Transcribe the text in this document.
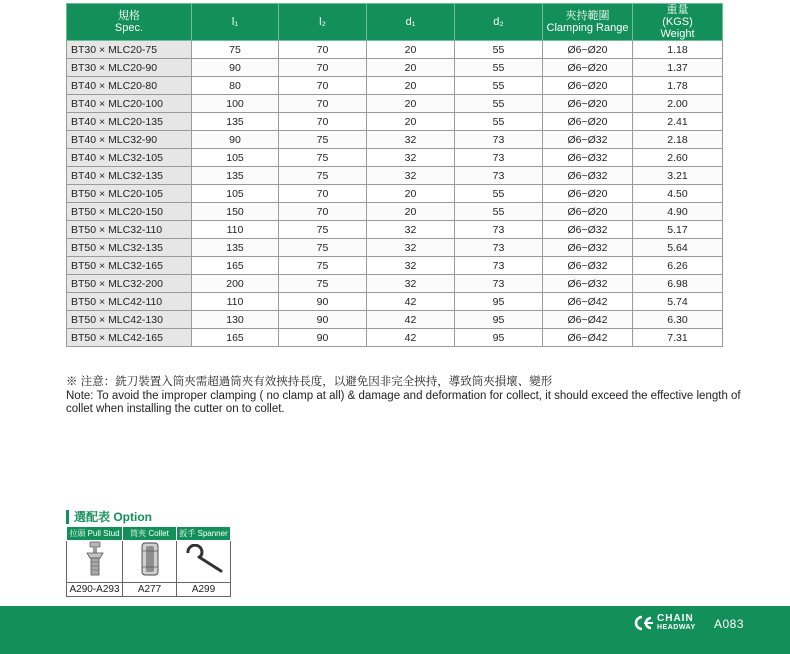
規格
Spec.	l₁	l₂	d₁	d₂	夾持範圍
Clamping Range	重量
(KGS)
Weight
BT30 × MLC20-75	75	70	20	55	Ø6~Ø20	1.18
BT30 × MLC20-90	90	70	20	55	Ø6~Ø20	1.37
BT40 × MLC20-80	80	70	20	55	Ø6~Ø20	1.78
BT40 × MLC20-100	100	70	20	55	Ø6~Ø20	2.00
BT40 × MLC20-135	135	70	20	55	Ø6~Ø20	2.41
BT40 × MLC32-90	90	75	32	73	Ø6~Ø32	2.18
BT40 × MLC32-105	105	75	32	73	Ø6~Ø32	2.60
BT40 × MLC32-135	135	75	32	73	Ø6~Ø32	3.21
BT50 × MLC20-105	105	70	20	55	Ø6~Ø20	4.50
BT50 × MLC20-150	150	70	20	55	Ø6~Ø20	4.90
BT50 × MLC32-110	110	75	32	73	Ø6~Ø32	5.17
BT50 × MLC32-135	135	75	32	73	Ø6~Ø32	5.64
BT50 × MLC32-165	165	75	32	73	Ø6~Ø32	6.26
BT50 × MLC32-200	200	75	32	73	Ø6~Ø32	6.98
BT50 × MLC42-110	110	90	42	95	Ø6~Ø42	5.74
BT50 × MLC42-130	130	90	42	95	Ø6~Ø42	6.30
BT50 × MLC42-165	165	90	42	95	Ø6~Ø42	7.31

※ 注意：銑刀裝置入筒夾需超過筒夾有效挾持長度，以避免因非完全挾持，導致筒夾損壞、變形

Note: To avoid the improper clamping ( no clamp at all) & damage and deformation for collect, it should exceed the effective length of collet when installing the cutter on to collet.

選配表 Option
拉頭 Pull Stud	筒夾 Collet	扳手 Spanner

A290-A293	A277	A299
CHAIN
HEADWAY A083
